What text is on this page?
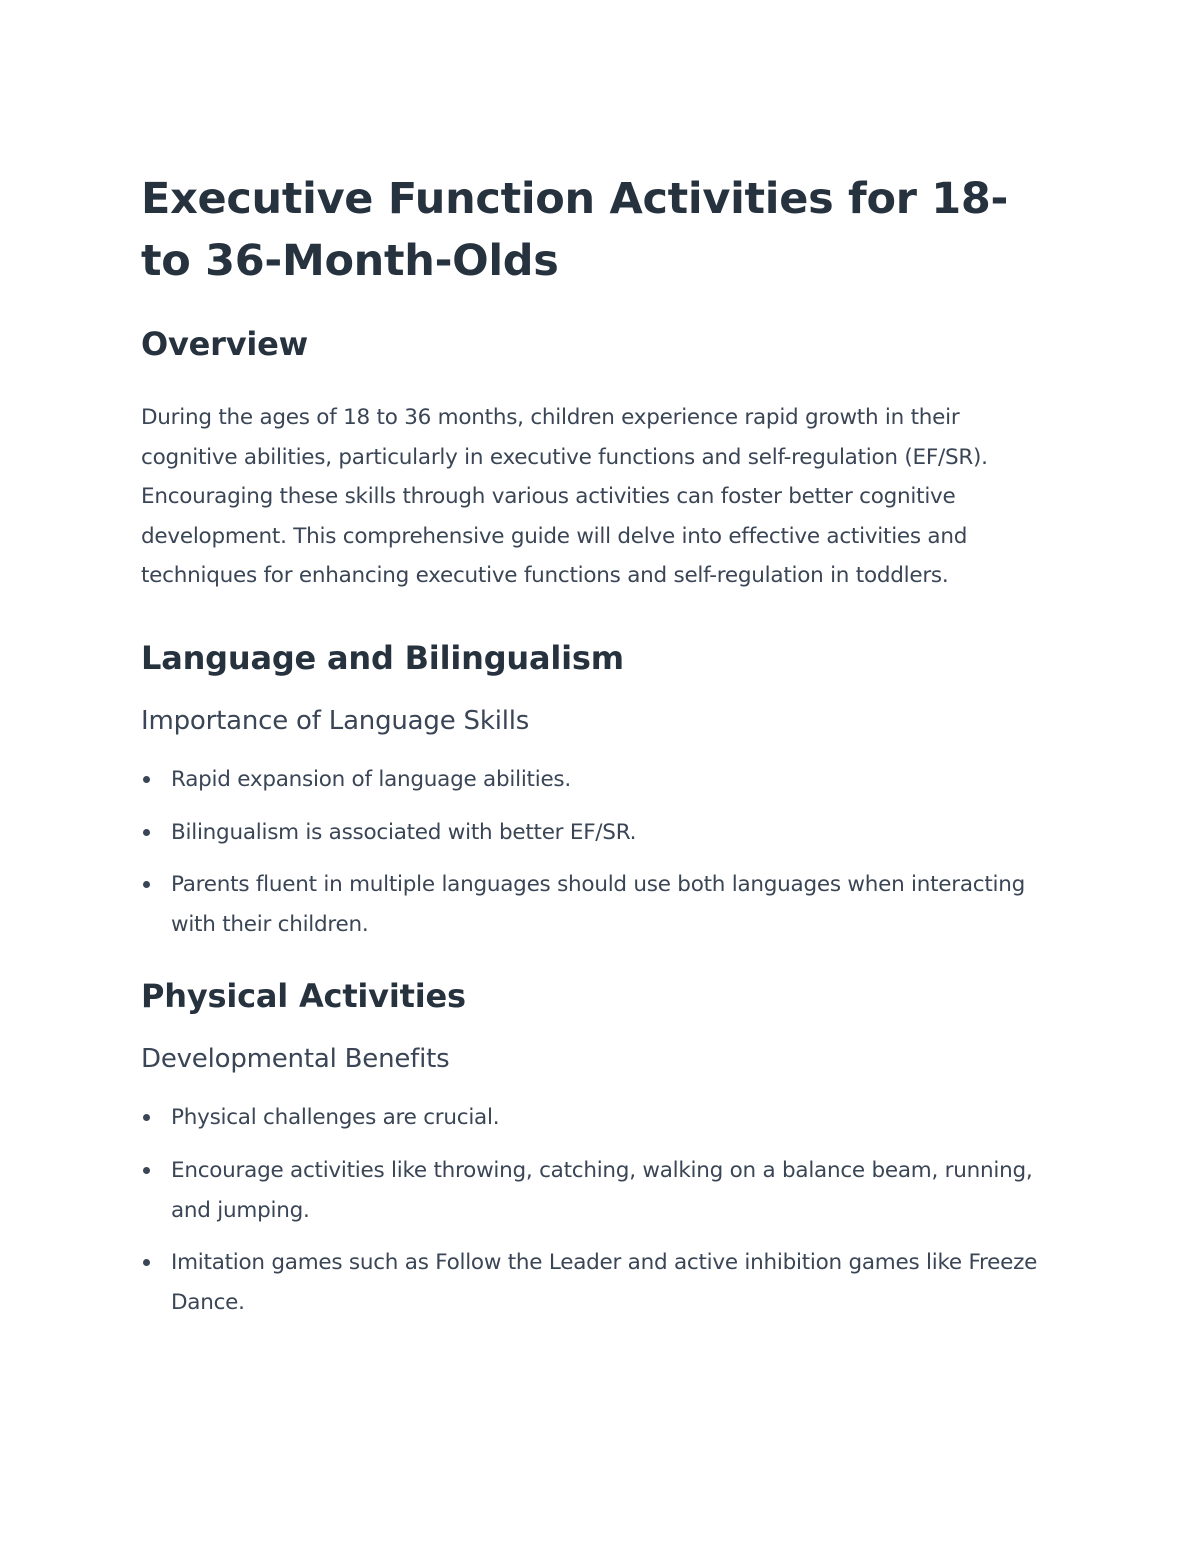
Executive Function Activities for 18- to 36-Month-Olds
Overview

During the ages of 18 to 36 months, children experience rapid growth in their cognitive abilities, particularly in executive functions and self-regulation (EF/SR). Encouraging these skills through various activities can foster better cognitive development. This comprehensive guide will delve into effective activities and techniques for enhancing executive functions and self-regulation in toddlers.

Language and Bilingualism
Importance of Language Skills
Rapid expansion of language abilities.
Bilingualism is associated with better EF/SR.
Parents fluent in multiple languages should use both languages when interacting with their children.
Physical Activities
Developmental Benefits
Physical challenges are crucial.
Encourage activities like throwing, catching, walking on a balance beam, running, and jumping.
Imitation games such as Follow the Leader and active inhibition games like Freeze Dance.
